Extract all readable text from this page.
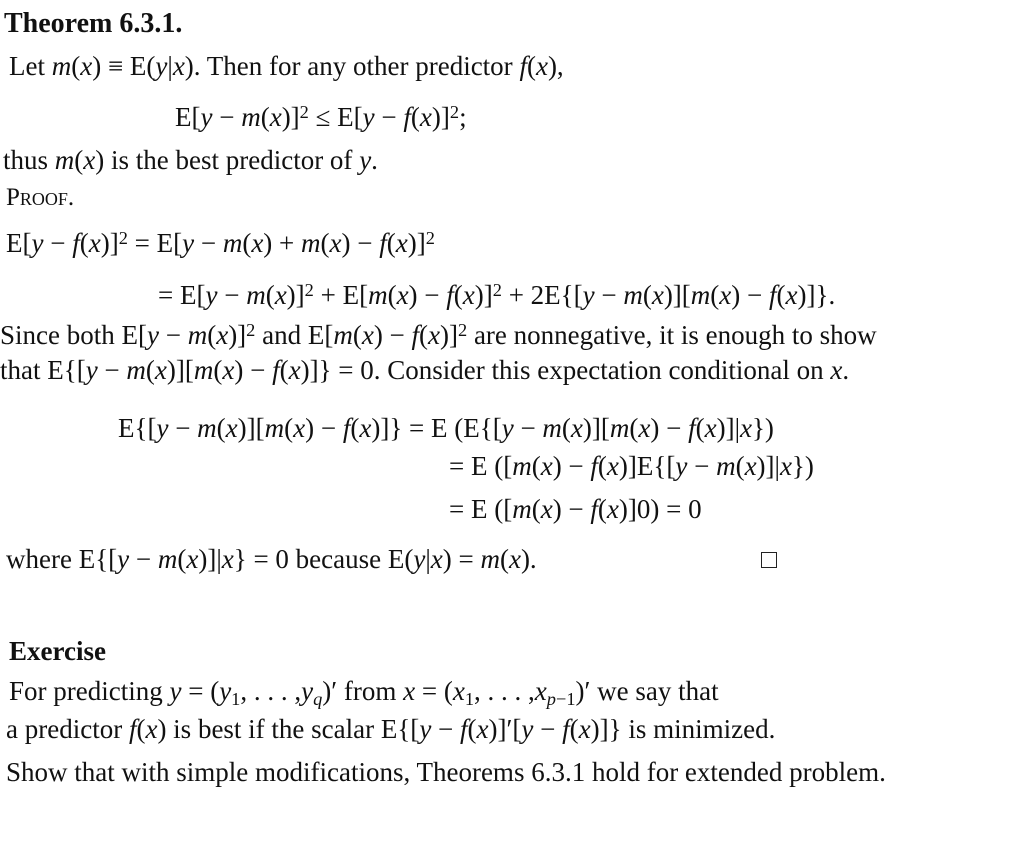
Theorem 6.3.1.
Let m(x) ≡ E(y|x). Then for any other predictor f(x),
$E[y - m(x)]^2 \le E[y - f(x)]^2$;
thus m(x) is the best predictor of y.
Proof.
$E[y - f(x)]^2 = E[y - m(x) + m(x) - f(x)]^2$
= $E[y - m(x)]^2 + E[m(x) - f(x)]^2 + 2E\{[y - m(x)][m(x) - f(x)]\}$.
Since both $E[y - m(x)]^2$ and $E[m(x) - f(x)]^2$ are nonnegative, it is enough to show
that E{[y − m(x)][m(x) − f(x)]} = 0. Consider this expectation conditional on x.
E{[y − m(x)][m(x) − f(x)]} = E (E{[y − m(x)][m(x) − f(x)]|x})
= E ([m(x) − f(x)]E{[y − m(x)]|x})
= E ([m(x) − f(x)]0) = 0
where E{[y − m(x)]|x} = 0 because E(y|x) = m(x).
Exercise
For predicting $y = (y_1$, . . . $,y_q)'$ from $x = (x_1$, . . . $,x_{p-1})'$ we say that
a predictor f(x) is best if the scalar E{[y − f(x)]′[y − f(x)]} is minimized.
Show that with simple modifications, Theorems 6.3.1 hold for extended problem.
